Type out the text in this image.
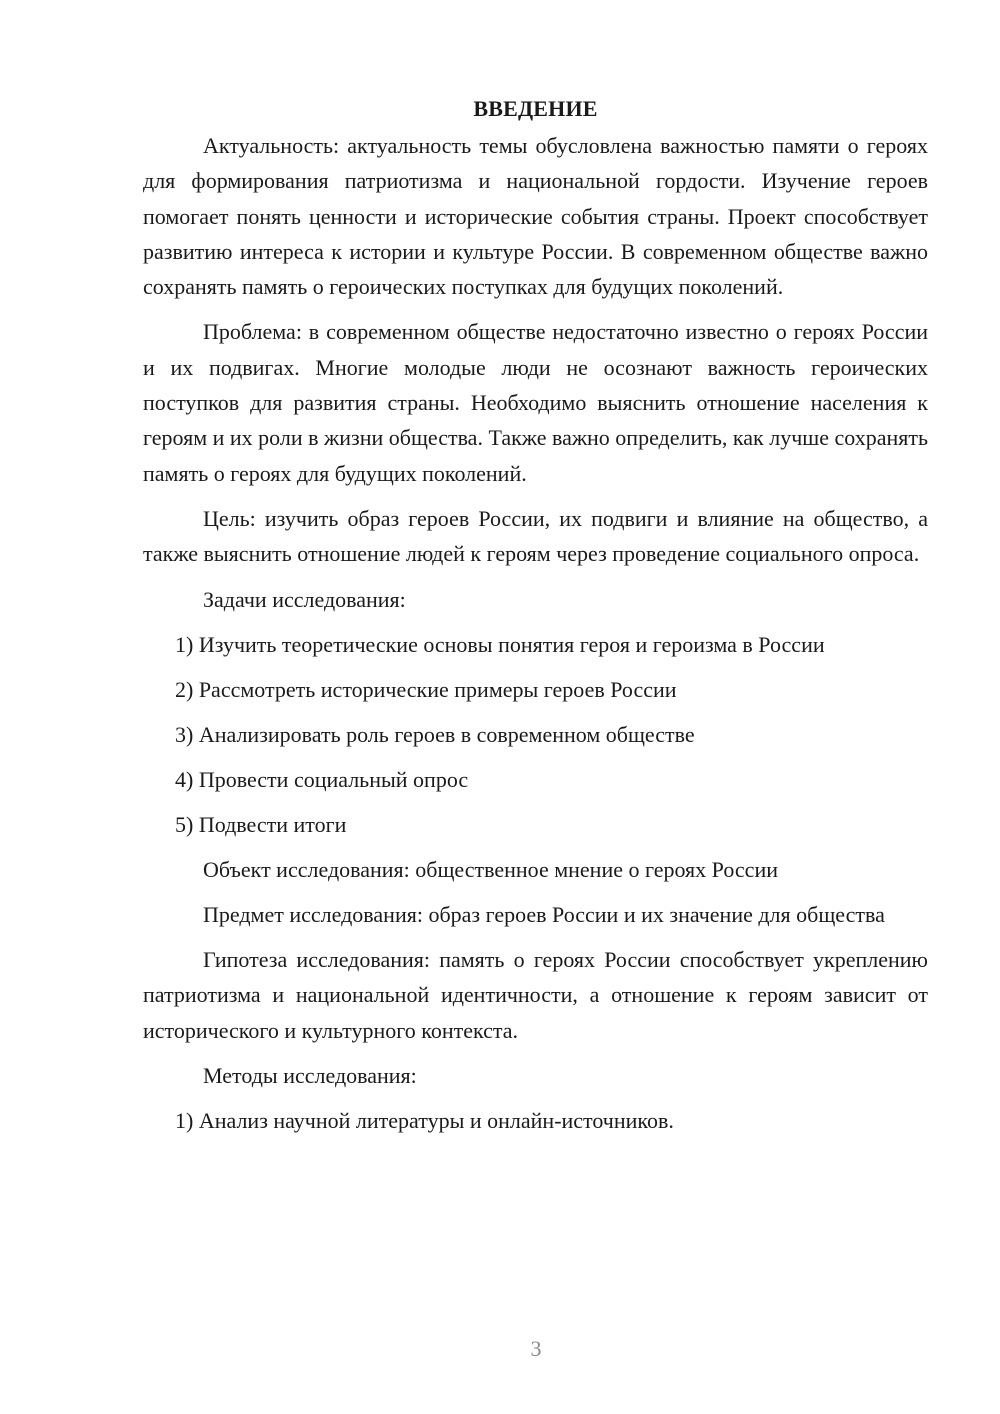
ВВЕДЕНИЕ

Актуальность: актуальность темы обусловлена важностью памяти о героях для формирования патриотизма и национальной гордости. Изучение героев помогает понять ценности и исторические события страны. Проект способствует развитию интереса к истории и культуре России. В современном обществе важно сохранять память о героических поступках для будущих поколений.

Проблема: в современном обществе недостаточно известно о героях России и их подвигах. Многие молодые люди не осознают важность героических поступков для развития страны. Необходимо выяснить отношение населения к героям и их роли в жизни общества. Также важно определить, как лучше сохранять память о героях для будущих поколений.

Цель: изучить образ героев России, их подвиги и влияние на общество, а также выяснить отношение людей к героям через проведение социального опроса.

Задачи исследования:

1) Изучить теоретические основы понятия героя и героизма в России

2) Рассмотреть исторические примеры героев России

3) Анализировать роль героев в современном обществе

4) Провести социальный опрос

5) Подвести итоги

Объект исследования: общественное мнение о героях России

Предмет исследования: образ героев России и их значение для общества

Гипотеза исследования: память о героях России способствует укреплению патриотизма и национальной идентичности, а отношение к героям зависит от исторического и культурного контекста.

Методы исследования:

1) Анализ научной литературы и онлайн-источников.

3
